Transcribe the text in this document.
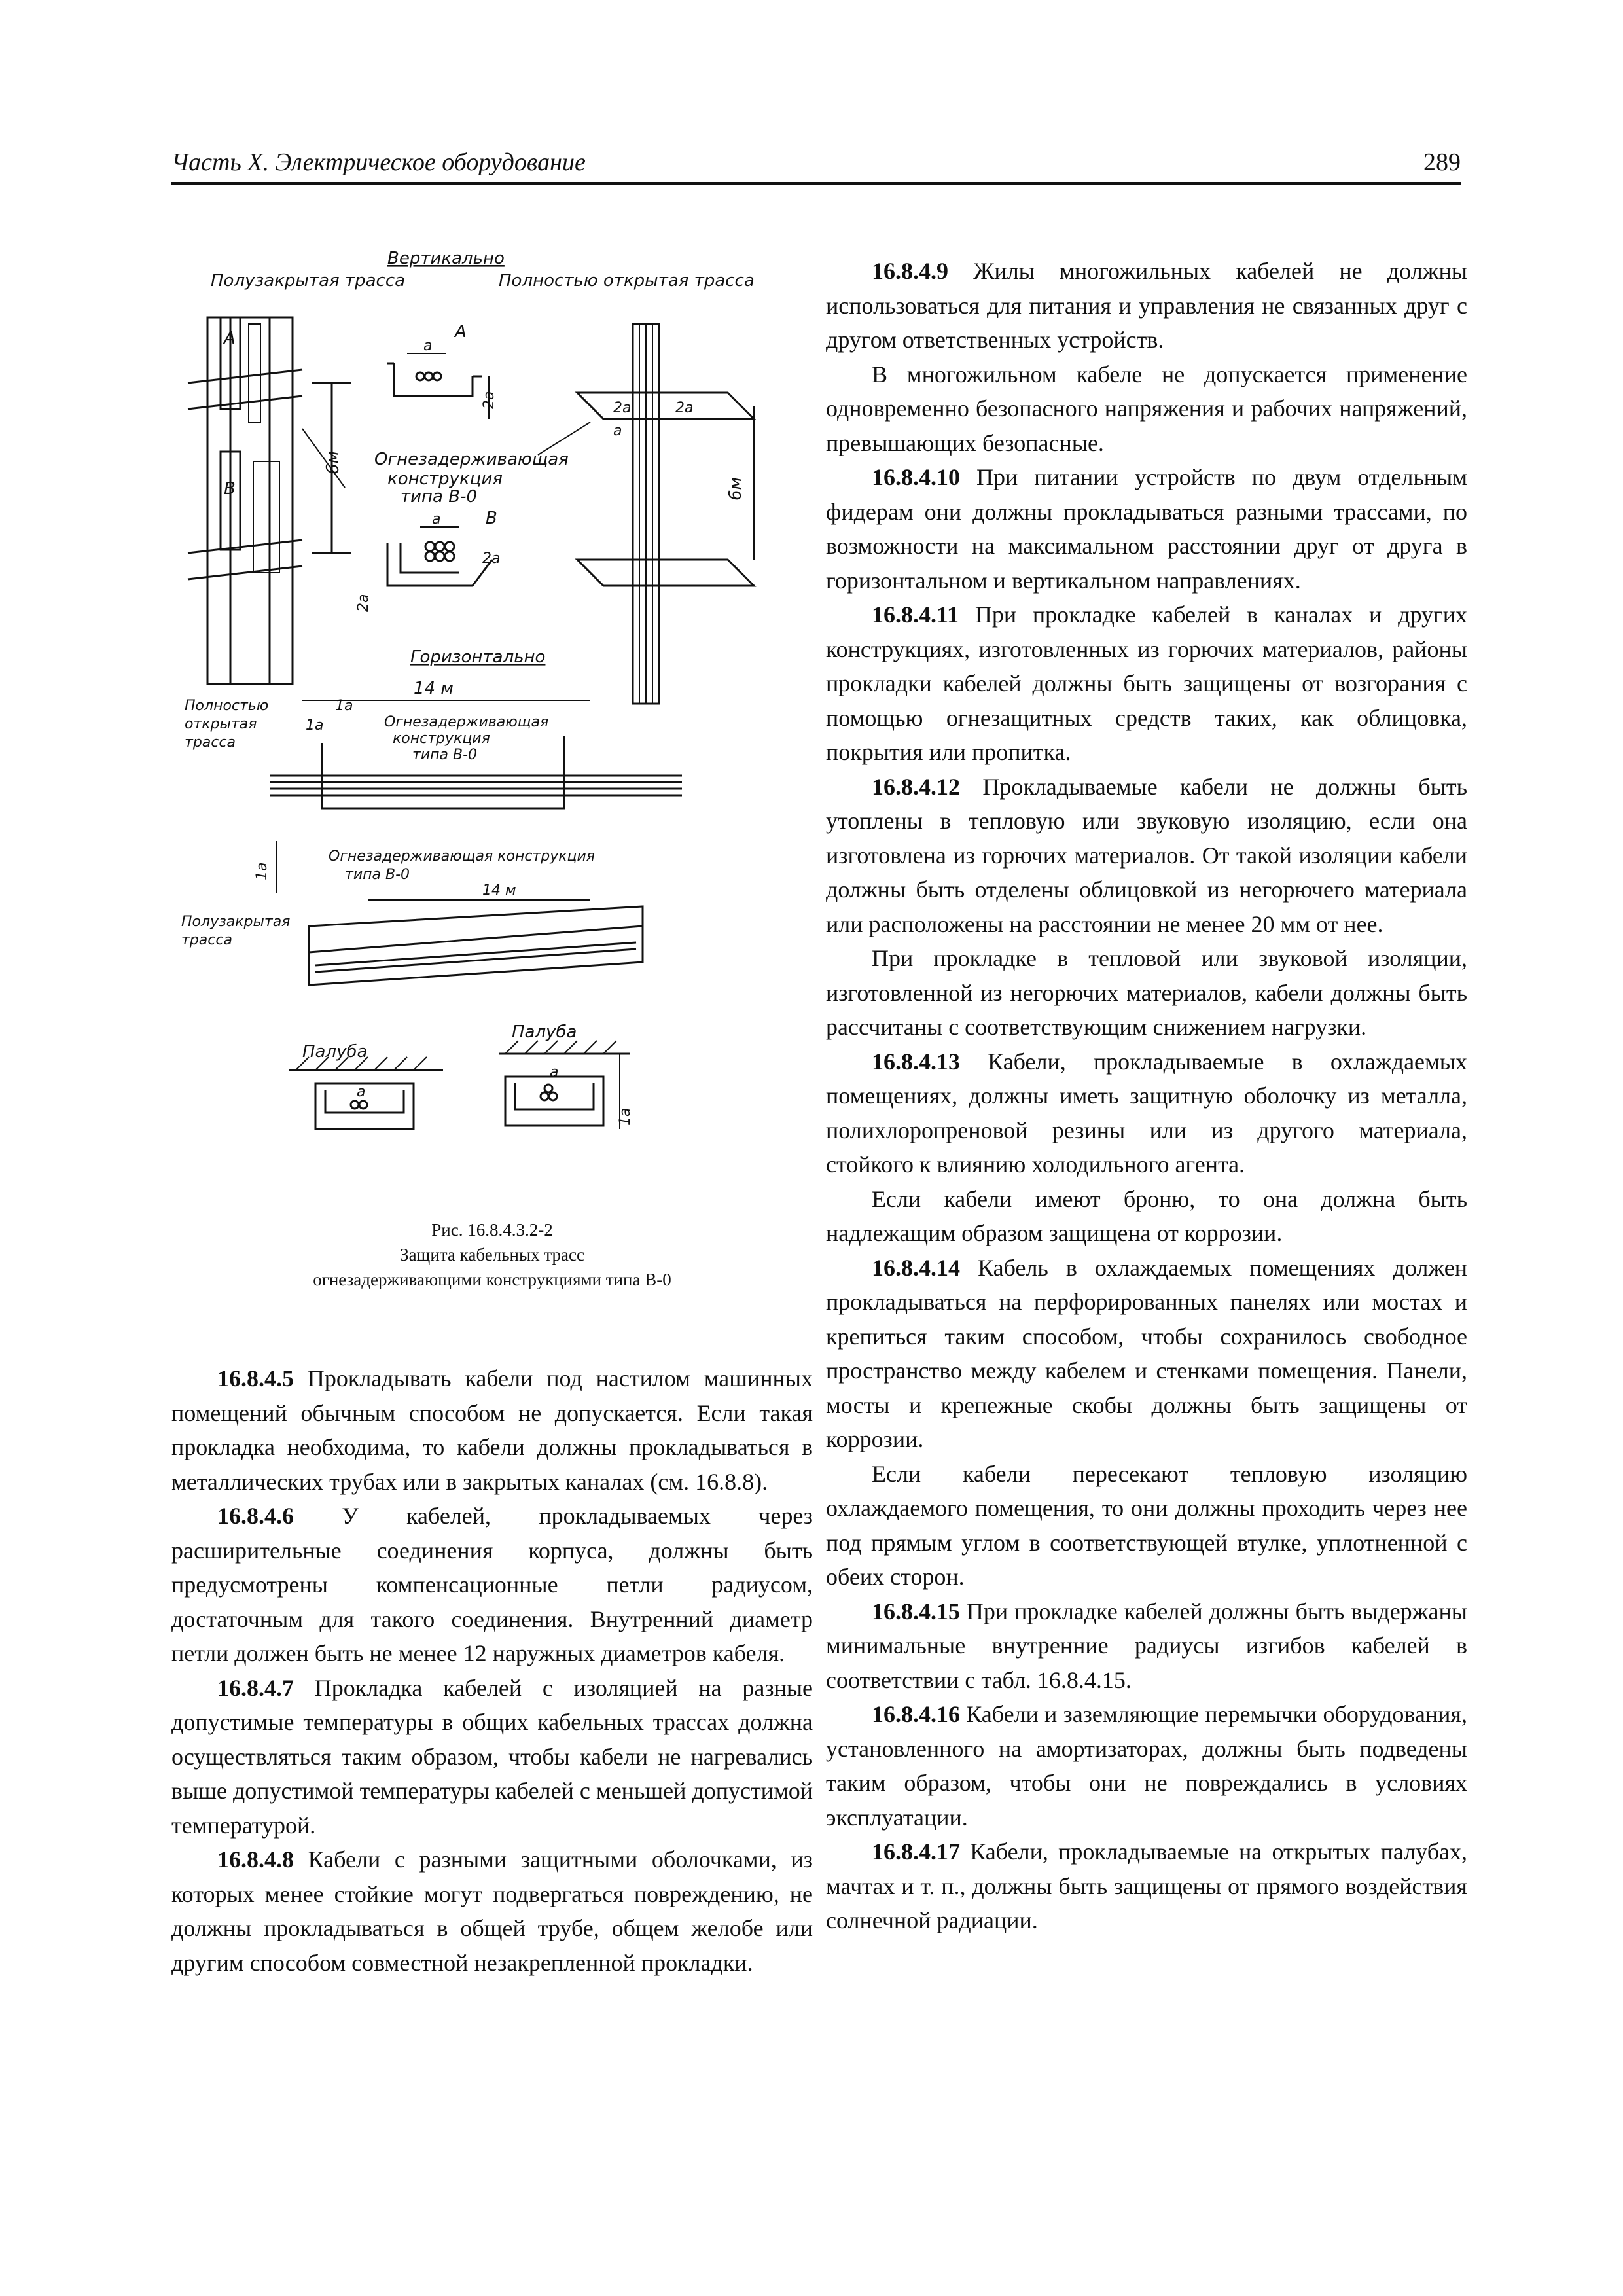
Часть X. Электрическое оборудование	289
Вертикально
Полузакрытая трасса	Полностью открытая трасса
A
B
6м
A
a
2a
Огнезадерживающая
конструкция
типа В-0
a	B
2a
2a
2a	2a
a
6м
Горизонтально
Полностью
открытая
трасса
14 м
Огнезадерживающая
конструкция
типа В-0
1a
1a
1a
Огнезадерживающая конструкция
типа В-0
Полузакрытая
трасса
14 м
Палуба
Палуба
a
a
1a
Рис. 16.8.4.3.2-2
Защита кабельных трасс
огнезадерживающими конструкциями типа В-0

16.8.4.5 Прокладывать кабели под настилом машинных помещений обычным способом не допускается. Если такая прокладка необходима, то кабели должны прокладываться в металлических трубах или в закрытых каналах (см. 16.8.8).

16.8.4.6 У кабелей, прокладываемых через расширительные соединения корпуса, должны быть предусмотрены компенсационные петли радиусом, достаточным для такого соединения. Внутренний диаметр петли должен быть не менее 12 наружных диаметров кабеля.

16.8.4.7 Прокладка кабелей с изоляцией на разные допустимые температуры в общих кабельных трассах должна осуществляться таким образом, чтобы кабели не нагревались выше допустимой температуры кабелей с меньшей допустимой температурой.

16.8.4.8 Кабели с разными защитными оболочками, из которых менее стойкие могут подвергаться повреждению, не должны прокладываться в общей трубе, общем желобе или другим способом совместной незакрепленной прокладки.

16.8.4.9 Жилы многожильных кабелей не должны использоваться для питания и управления не связанных друг с другом ответственных устройств.

В многожильном кабеле не допускается применение одновременно безопасного напряжения и рабочих напряжений, превышающих безопасные.

16.8.4.10 При питании устройств по двум отдельным фидерам они должны прокладываться разными трассами, по возможности на максимальном расстоянии друг от друга в горизонтальном и вертикальном направлениях.

16.8.4.11 При прокладке кабелей в каналах и других конструкциях, изготовленных из горючих материалов, районы прокладки кабелей должны быть защищены от возгорания с помощью огнезащитных средств таких, как облицовка, покрытия или пропитка.

16.8.4.12 Прокладываемые кабели не должны быть утоплены в тепловую или звуковую изоляцию, если она изготовлена из горючих материалов. От такой изоляции кабели должны быть отделены облицовкой из негорючего материала или расположены на расстоянии не менее 20 мм от нее.

При прокладке в тепловой или звуковой изоляции, изготовленной из негорючих материалов, кабели должны быть рассчитаны с соответствующим снижением нагрузки.

16.8.4.13 Кабели, прокладываемые в охлаждаемых помещениях, должны иметь защитную оболочку из металла, полихлоропреновой резины или из другого материала, стойкого к влиянию холодильного агента.

Если кабели имеют броню, то она должна быть надлежащим образом защищена от коррозии.

16.8.4.14 Кабель в охлаждаемых помещениях должен прокладываться на перфорированных панелях или мостах и крепиться таким способом, чтобы сохранилось свободное пространство между кабелем и стенками помещения. Панели, мосты и крепежные скобы должны быть защищены от коррозии.

Если кабели пересекают тепловую изоляцию охлаждаемого помещения, то они должны проходить через нее под прямым углом в соответствующей втулке, уплотненной с обеих сторон.

16.8.4.15 При прокладке кабелей должны быть выдержаны минимальные внутренние радиусы изгибов кабелей в соответствии с табл. 16.8.4.15.

16.8.4.16 Кабели и заземляющие перемычки оборудования, установленного на амортизаторах, должны быть подведены таким образом, чтобы они не повреждались в условиях эксплуатации.

16.8.4.17 Кабели, прокладываемые на открытых палубах, мачтах и т. п., должны быть защищены от прямого воздействия солнечной радиации.
